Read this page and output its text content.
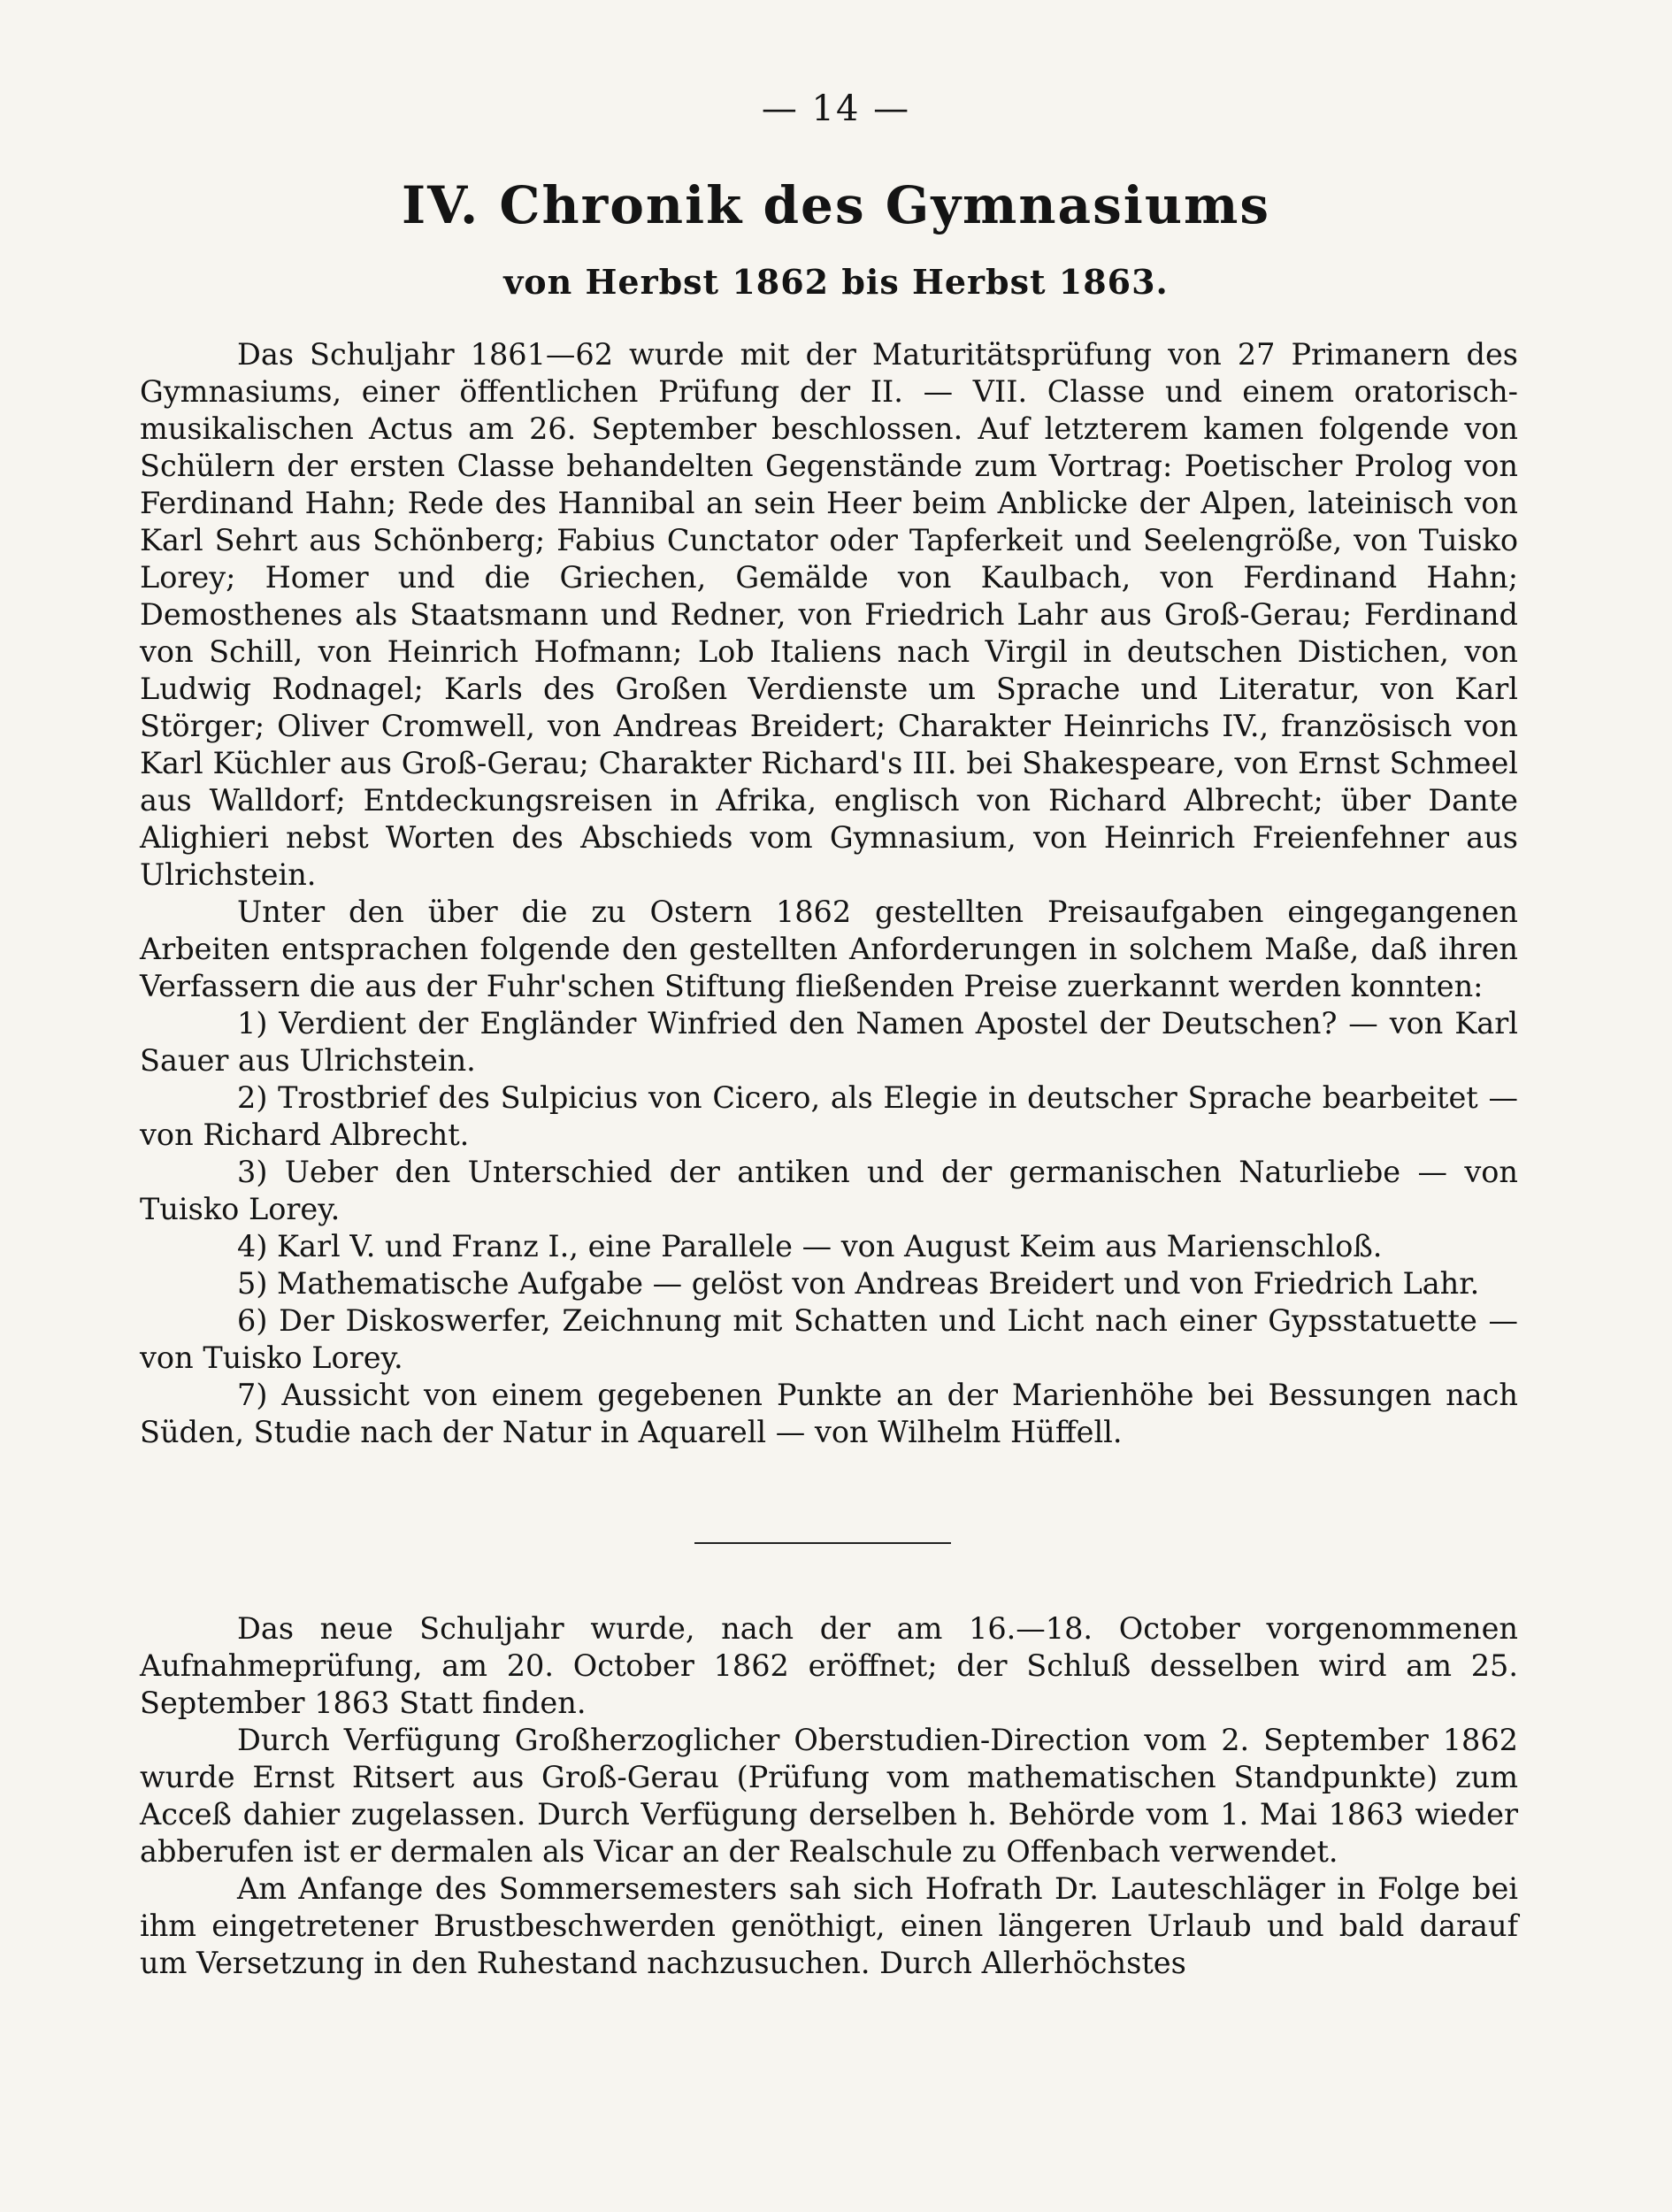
— 14 —
IV. Chronik des Gymnasiums
von Herbst 1862 bis Herbst 1863.

Das Schuljahr 1861—62 wurde mit der Maturitätsprüfung von 27 Primanern des Gymnasiums, einer öffentlichen Prüfung der II. — VII. Classe und einem oratorisch-musikalischen Actus am 26. September beschlossen. Auf letzterem kamen folgende von Schülern der ersten Classe behandelten Gegenstände zum Vortrag: Poetischer Prolog von Ferdinand Hahn; Rede des Hannibal an sein Heer beim Anblicke der Alpen, lateinisch von Karl Sehrt aus Schönberg; Fabius Cunctator oder Tapferkeit und Seelengröße, von Tuisko Lorey; Homer und die Griechen, Gemälde von Kaulbach, von Ferdinand Hahn; Demosthenes als Staatsmann und Redner, von Friedrich Lahr aus Groß-Gerau; Ferdinand von Schill, von Heinrich Hofmann; Lob Italiens nach Virgil in deutschen Distichen, von Ludwig Rodnagel; Karls des Großen Verdienste um Sprache und Literatur, von Karl Störger; Oliver Cromwell, von Andreas Breidert; Charakter Heinrichs IV., französisch von Karl Küchler aus Groß-Gerau; Charakter Richard's III. bei Shakespeare, von Ernst Schmeel aus Walldorf; Entdeckungsreisen in Afrika, englisch von Richard Albrecht; über Dante Alighieri nebst Worten des Abschieds vom Gymnasium, von Heinrich Freienfehner aus Ulrichstein.

Unter den über die zu Ostern 1862 gestellten Preisaufgaben eingegangenen Arbeiten entsprachen folgende den gestellten Anforderungen in solchem Maße, daß ihren Verfassern die aus der Fuhr'schen Stiftung fließenden Preise zuerkannt werden konnten:

1) Verdient der Engländer Winfried den Namen Apostel der Deutschen? — von Karl Sauer aus Ulrichstein.

2) Trostbrief des Sulpicius von Cicero, als Elegie in deutscher Sprache bearbeitet — von Richard Albrecht.

3) Ueber den Unterschied der antiken und der germanischen Naturliebe — von Tuisko Lorey.

4) Karl V. und Franz I., eine Parallele — von August Keim aus Marienschloß.

5) Mathematische Aufgabe — gelöst von Andreas Breidert und von Friedrich Lahr.

6) Der Diskoswerfer, Zeichnung mit Schatten und Licht nach einer Gypsstatuette — von Tuisko Lorey.

7) Aussicht von einem gegebenen Punkte an der Marienhöhe bei Bessungen nach Süden, Studie nach der Natur in Aquarell — von Wilhelm Hüffell.

Das neue Schuljahr wurde, nach der am 16.—18. October vorgenommenen Aufnahmeprüfung, am 20. October 1862 eröffnet; der Schluß desselben wird am 25. September 1863 Statt finden.

Durch Verfügung Großherzoglicher Oberstudien-Direction vom 2. September 1862 wurde Ernst Ritsert aus Groß-Gerau (Prüfung vom mathematischen Standpunkte) zum Acceß dahier zugelassen. Durch Verfügung derselben h. Behörde vom 1. Mai 1863 wieder abberufen ist er dermalen als Vicar an der Realschule zu Offenbach verwendet.

Am Anfange des Sommersemesters sah sich Hofrath Dr. Lauteschläger in Folge bei ihm eingetretener Brustbeschwerden genöthigt, einen längeren Urlaub und bald darauf um Versetzung in den Ruhestand nachzusuchen. Durch Allerhöchstes
